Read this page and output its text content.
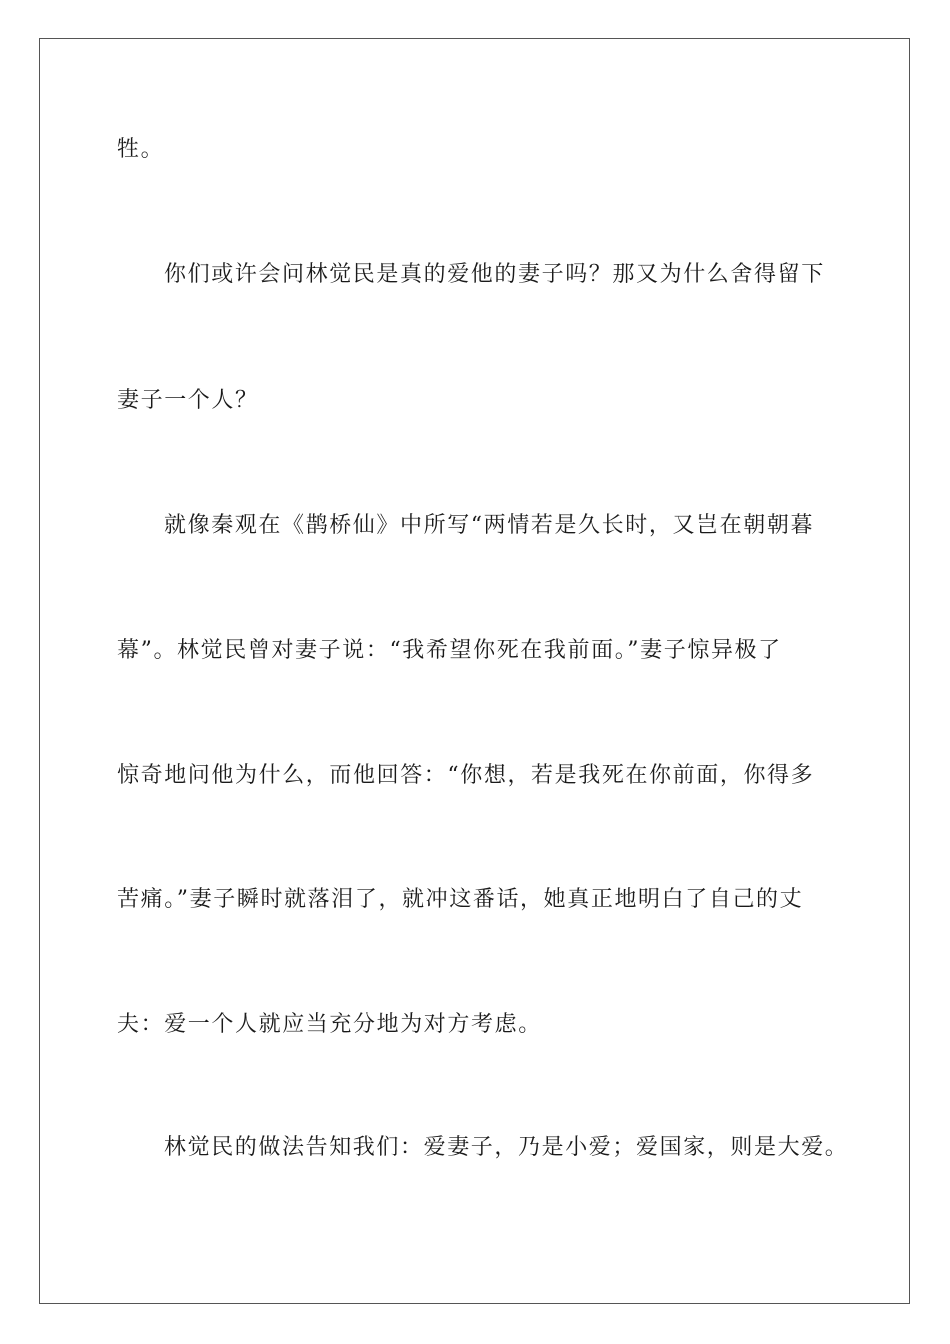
牲。
你们或许会问林觉民是真的爱他的妻子吗？那又为什么舍得留下
妻子一个人？
就像秦观在《鹊桥仙》中所写“两情若是久长时，又岂在朝朝暮
幕”。林觉民曾对妻子说：“我希望你死在我前面。”妻子惊异极了
惊奇地问他为什么，而他回答：“你想，若是我死在你前面，你得多
苦痛。”妻子瞬时就落泪了，就冲这番话，她真正地明白了自己的丈
夫：爱一个人就应当充分地为对方考虑。
林觉民的做法告知我们：爱妻子，乃是小爱；爱国家，则是大爱。
